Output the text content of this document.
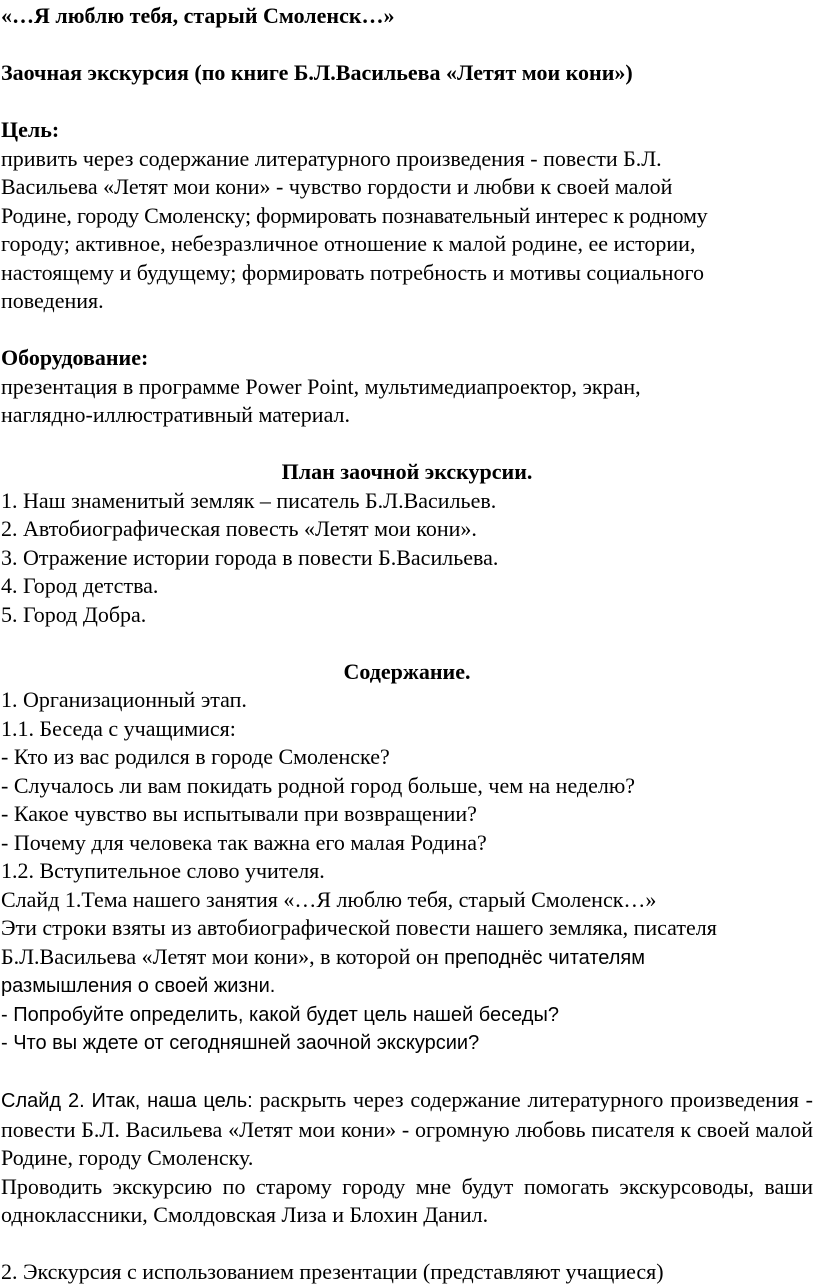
«…Я люблю тебя, старый Смоленск…»

Заочная экскурсия (по книге Б.Л.Васильева «Летят мои кони»)

Цель:

привить через содержание литературного произведения - повести Б.Л.

Васильева «Летят мои кони» - чувство гордости и любви к своей малой

Родине, городу Смоленску; формировать познавательный интерес к родному

городу; активное, небезразличное отношение к малой родине, ее истории,

настоящему и будущему; формировать потребность и мотивы социального

поведения.

Оборудование:

презентация в программе Power Point, мультимедиапроектор, экран,

наглядно-иллюстративный материал.

План заочной экскурсии.

1. Наш знаменитый земляк – писатель Б.Л.Васильев.

2. Автобиографическая повесть «Летят мои кони».

3. Отражение истории города в повести Б.Васильева.

4. Город детства.

5. Город Добра.

Содержание.

1. Организационный этап.

1.1. Беседа с учащимися:

- Кто из вас родился в городе Смоленске?

- Случалось ли вам покидать родной город больше, чем на неделю?

- Какое чувство вы испытывали при возвращении?

- Почему для человека так важна его малая Родина?

1.2. Вступительное слово учителя.

Слайд 1.Тема нашего занятия «…Я люблю тебя, старый Смоленск…»

Эти строки взяты из автобиографической повести нашего земляка, писателя

Б.Л.Васильева «Летят мои кони», в которой он преподнёс читателям

размышления о своей жизни.

- Попробуйте определить, какой будет цель нашей беседы?

- Что вы ждете от сегодняшней заочной экскурсии?

Слайд 2. Итак, наша цель: раскрыть через содержание литературного произведения - повести Б.Л. Васильева «Летят мои кони» - огромную любовь писателя к своей малой Родине, городу Смоленску.

Проводить экскурсию по старому городу мне будут помогать экскурсоводы, ваши одноклассники, Смолдовская Лиза и Блохин Данил.

2. Экскурсия с использованием презентации (представляют учащиеся)
